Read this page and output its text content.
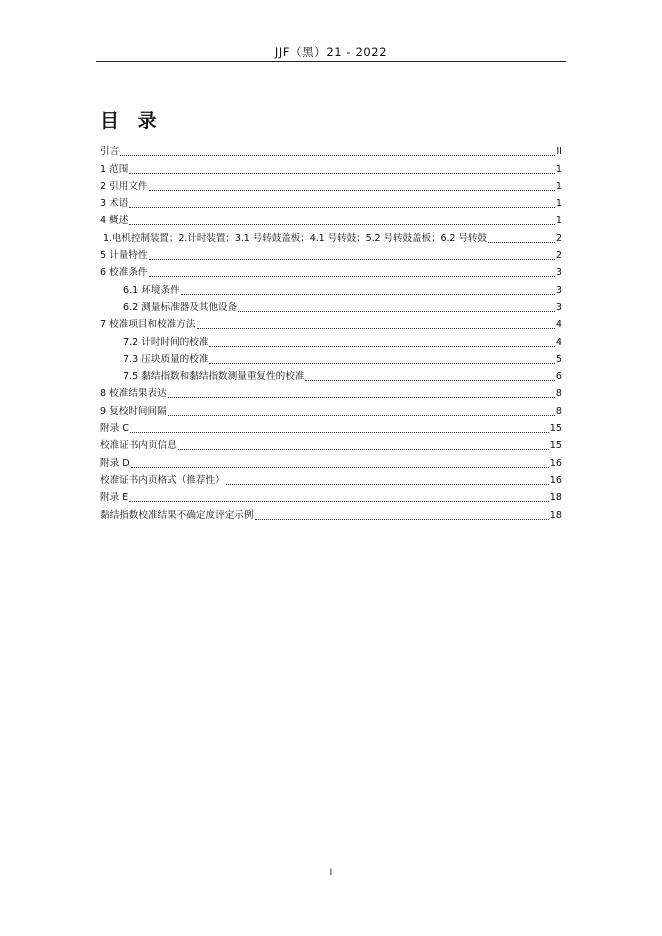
JJF（黑）21 - 2022
目 录
引言	II
1 范围	1
2 引用文件	1
3 术语	1
4 概述	1
1.电机控制装置；2.计时装置；3.1 号转鼓盖板；4.1 号转鼓；5.2 号转鼓盖板；6.2 号转鼓	2
5 计量特性	2
6 校准条件	3
6.1 环境条件	3
6.2 测量标准器及其他设备	3
7 校准项目和校准方法	4
7.2 计时时间的校准	4
7.3 压块质量的校准	5
7.5 黏结指数和黏结指数测量重复性的校准	6
8 校准结果表达	8
9 复校时间间隔	8
附录 C	15
校准证书内页信息	15
附录 D	16
校准证书内页格式（推荐性）	16
附录 E	18
黏结指数校准结果不确定度评定示例	18
I
